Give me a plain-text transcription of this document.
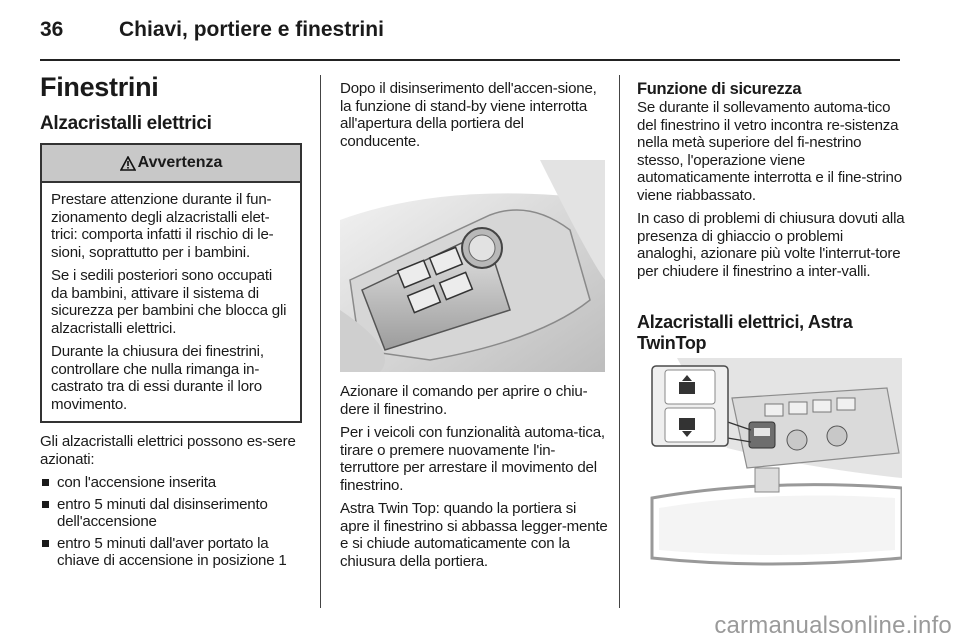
36	Chiavi, portiere e finestrini
Finestrini
Alzacristalli elettrici
Avvertenza

Prestare attenzione durante il fun-zionamento degli alzacristalli elet-trici: comporta infatti il rischio di le-sioni, soprattutto per i bambini.

Se i sedili posteriori sono occupati da bambini, attivare il sistema di sicurezza per bambini che blocca gli alzacristalli elettrici.

Durante la chiusura dei finestrini, controllare che nulla rimanga in-castrato tra di essi durante il loro movimento.

Gli alzacristalli elettrici possono es-sere azionati:

con l'accensione inserita
entro 5 minuti dal disinserimento dell'accensione
entro 5 minuti dall'aver portato la chiave di accensione in posizione 1

Dopo il disinserimento dell'accen-sione, la funzione di stand-by viene interrotta all'apertura della portiera del conducente.

Azionare il comando per aprire o chiu-dere il finestrino.

Per i veicoli con funzionalità automa-tica, tirare o premere nuovamente l'in-terruttore per arrestare il movimento del finestrino.

Astra Twin Top: quando la portiera si apre il finestrino si abbassa legger-mente e si chiude automaticamente con la chiusura della portiera.

Funzione di sicurezza

Se durante il sollevamento automa-tico del finestrino il vetro incontra re-sistenza nella metà superiore del fi-nestrino stesso, l'operazione viene automaticamente interrotta e il fine-strino viene riabbassato.

In caso di problemi di chiusura dovuti alla presenza di ghiaccio o problemi analoghi, azionare più volte l'interrut-tore per chiudere il finestrino a inter-valli.

Alzacristalli elettrici, Astra TwinTop
carmanualsonline.info
